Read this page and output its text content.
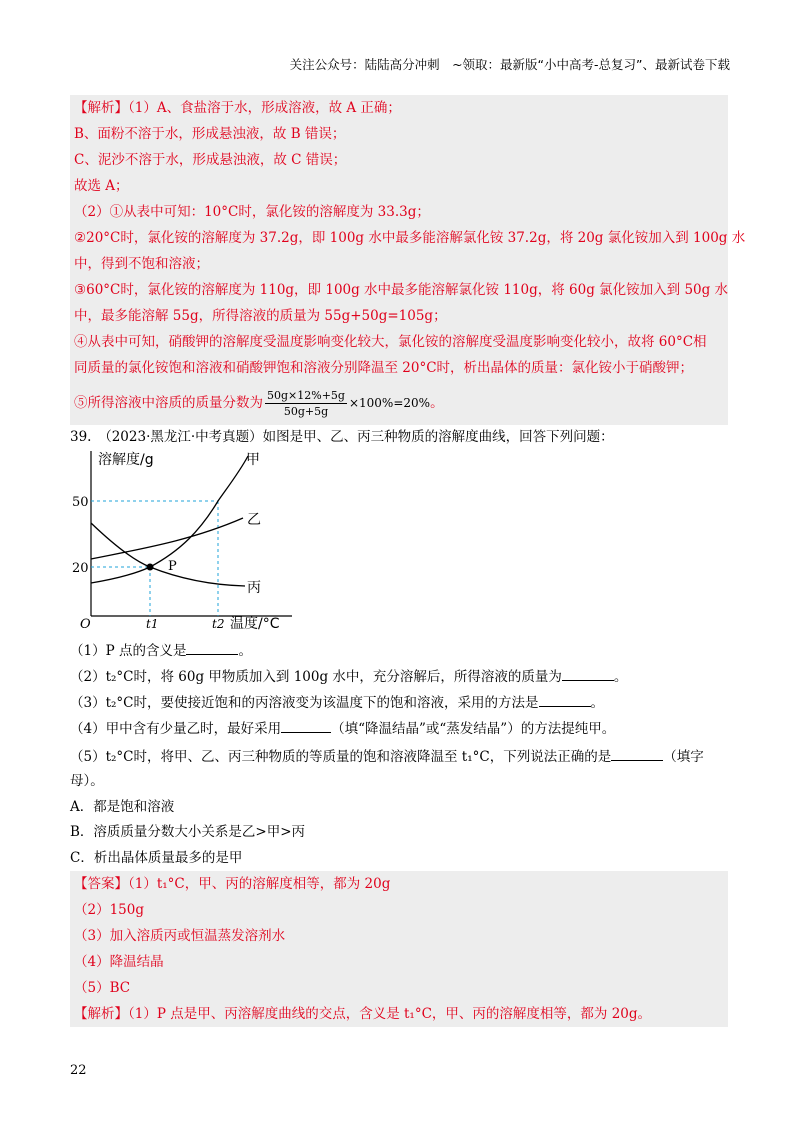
关注公众号：陆陆高分冲刺　~领取：最新版“小中高考-总复习”、最新试卷下载
【解析】（1）A、食盐溶于水，形成溶液，故 A 正确；
B、面粉不溶于水，形成悬浊液，故 B 错误；
C、泥沙不溶于水，形成悬浊液，故 C 错误；
故选 A；
（2）①从表中可知：10°C时，氯化铵的溶解度为 33.3g；
②20°C时，氯化铵的溶解度为 37.2g，即 100g 水中最多能溶解氯化铵 37.2g，将 20g 氯化铵加入到 100g 水
中，得到不饱和溶液；
③60°C时，氯化铵的溶解度为 110g，即 100g 水中最多能溶解氯化铵 110g，将 60g 氯化铵加入到 50g 水
中，最多能溶解 55g，所得溶液的质量为 55g+50g=105g；
④从表中可知，硝酸钾的溶解度受温度影响变化较大，氯化铵的溶解度受温度影响变化较小，故将 60°C相
同质量的氯化铵饱和溶液和硝酸钾饱和溶液分别降温至 20°C时，析出晶体的质量：氯化铵小于硝酸钾；
⑤所得溶液中溶质的质量分数为 $\frac{50g\times 12\%+5g}{50g+5g} \times 100\%=20\%$。
39.　（2023·黑龙江·中考真题）如图是甲、乙、丙三种物质的溶解度曲线，回答下列问题：
溶解度/g
50
20
O	t1	t2 温度/°C
P
甲
乙
丙
（1）P 点的含义是	。
（2）t₂°C时，将 60g 甲物质加入到 100g 水中，充分溶解后，所得溶液的质量为	。
（3）t₂°C时，要使接近饱和的丙溶液变为该温度下的饱和溶液，采用的方法是	。
（4）甲中含有少量乙时，最好采用	（填“降温结晶”或“蒸发结晶”）的方法提纯甲。
（5）t₂°C时，将甲、乙、丙三种物质的等质量的饱和溶液降温至 t₁°C，下列说法正确的是	（填字
母）。
A．都是饱和溶液
B．溶质质量分数大小关系是乙>甲>丙
C．析出晶体质量最多的是甲
【答案】（1）t₁°C，甲、丙的溶解度相等，都为 20g
（2）150g
（3）加入溶质丙或恒温蒸发溶剂水
（4）降温结晶
（5）BC
【解析】（1）P 点是甲、丙溶解度曲线的交点，含义是 t₁°C，甲、丙的溶解度相等，都为 20g。
22
